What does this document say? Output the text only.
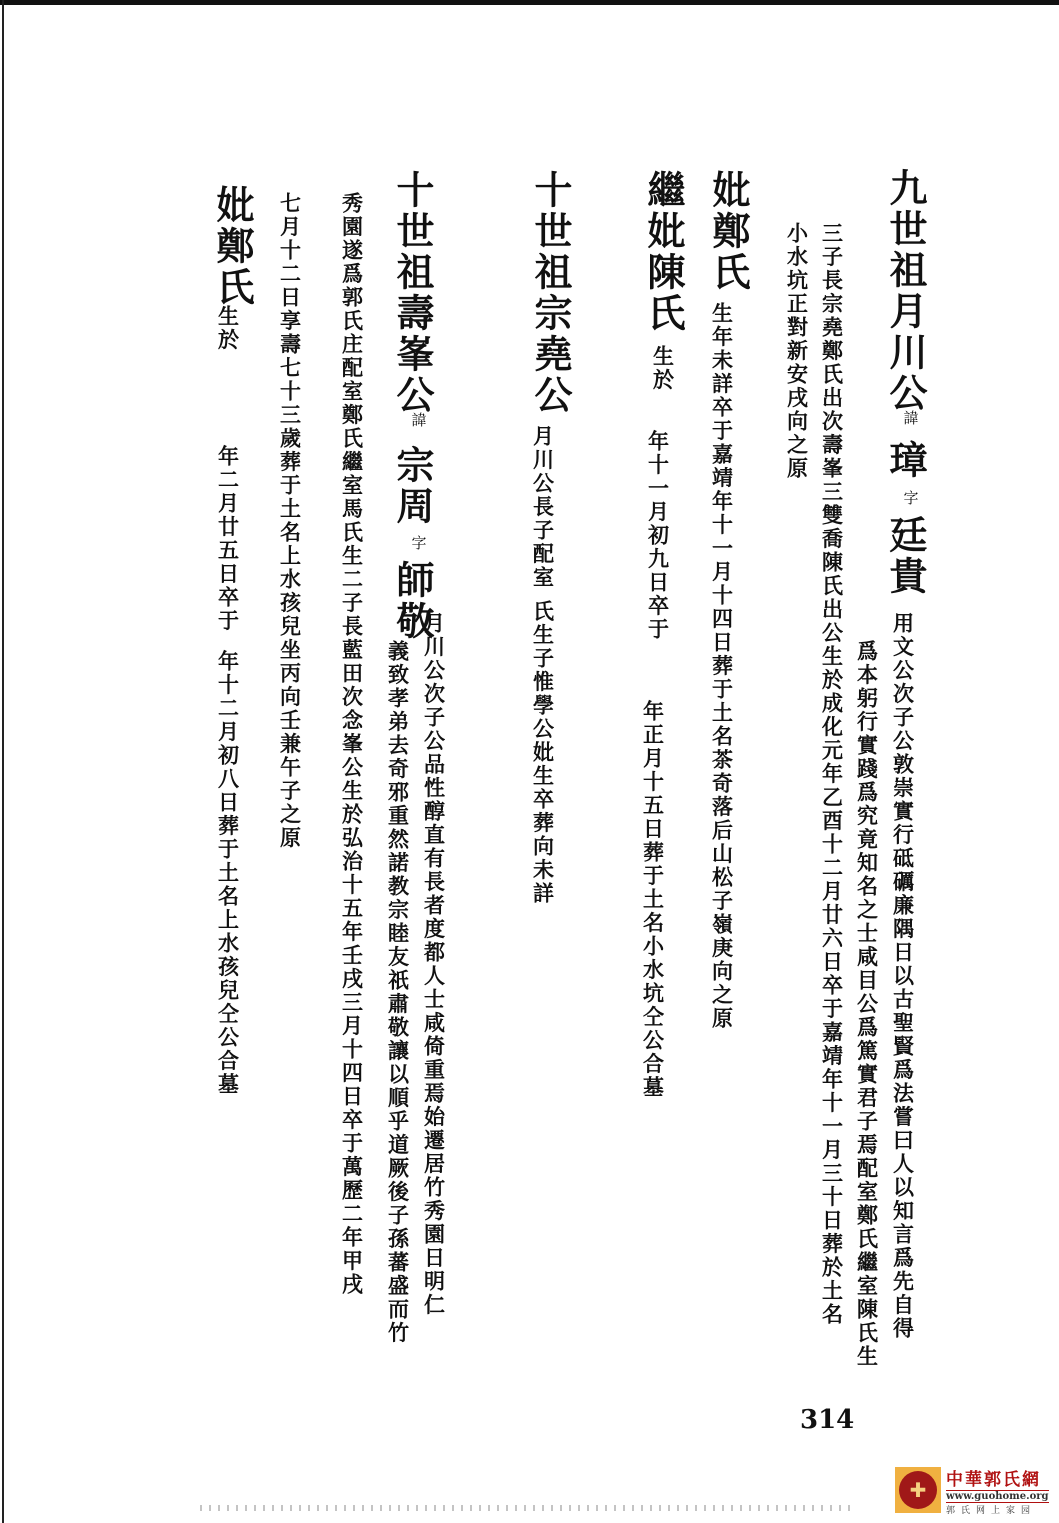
九世祖月川公
諱
璋
字
廷貴
用文公次子公敦崇實行砥礪廉隅日以古聖賢爲法嘗曰人以知言爲先自得
爲本躬行實踐爲究竟知名之士咸目公爲篤實君子焉配室鄭氏繼室陳氏生
三子長宗堯鄭氏出次壽峯三雙喬陳氏出公生於成化元年乙酉十二月廿六日卒于嘉靖年十一月三十日葬於土名
小水坑正對新安戌向之原
妣鄭氏
生年未詳卒于嘉靖年十一月十四日葬于土名茶奇落后山松子嶺庚向之原
繼妣陳氏
生於
年十一月初九日卒于
年正月十五日葬于土名小水坑仝公合墓
十世祖宗堯公
月川公長子配室
氏生子惟學公妣生卒葬向未詳
十世祖壽峯公
諱
宗周
字
師敬
月川公次子公品性醇直有長者度都人士咸倚重焉始遷居竹秀園日明仁
義致孝弟去奇邪重然諾教宗睦友祇肅敬讓以順乎道厥後子孫蕃盛而竹
秀園遂爲郭氏庄配室鄭氏繼室馬氏生二子長藍田次念峯公生於弘治十五年壬戌三月十四日卒于萬歷二年甲戌
七月十二日享壽七十三歲葬于土名上水孩兒坐丙向壬兼午子之原
妣鄭氏
生於
年二月廿五日卒于
年十二月初八日葬于土名上水孩兒仝公合墓
314
✚	中華郭氏網
www.guohome.org
郭氏网上家园
